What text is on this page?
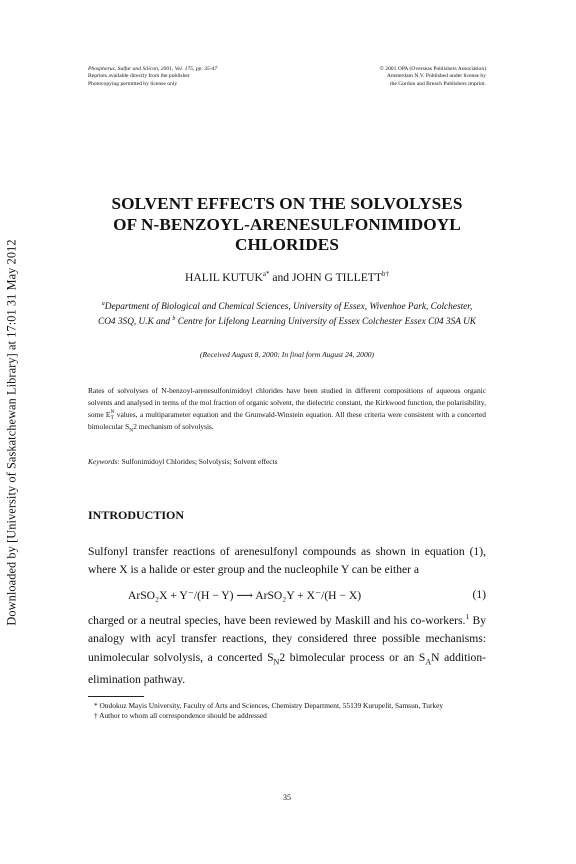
Downloaded by [University of Saskatchewan Library] at 17:01 31 May 2012
Phosphorus, Sulfur and Silicon, 2001, Vol. 175, pp. 35-47
Reprints available directly from the publisher
Photocopying permitted by license only
© 2001 OPA (Overseas Publishers Association)
Amsterdam N.V. Published under license by
the Gordon and Breach Publishers imprint.
SOLVENT EFFECTS ON THE SOLVOLYSES
OF N-BENZOYL-ARENESULFONIMIDOYL
CHLORIDES
HALIL $KUTUK^{a*}$ and JOHN G $TILLETT^{b\dagger}$
$^a$Department of Biological and Chemical Sciences, University of Essex, Wivenhoe Park, Colchester, CO4 3SQ, U.K and $^b$ Centre for Lifelong Learning University of Essex Colchester Essex C04 3SA UK
(Received August 8, 2000; In final form August 24, 2000)
Rates of solvolyses of N-benzoyl-arenesulfonimidoyl chlorides have been studied in different compositions of aqueous organic solvents and analysed in terms of the mol fraction of organic solvent, the dielectric constant, the Kirkwood function, the polarisibility, some E N
T values, a multiparameter equation and the Grunwald-Winstein equation. All these criteria were consistent with a concerted bimolecular $S_N2$ mechanism of solvolysis.
Keywords: Sulfonimidoyl Chlorides; Solvolysis; Solvent effects
INTRODUCTION
Sulfonyl transfer reactions of arenesulfonyl compounds as shown in equation (1), where X is a halide or ester group and the nucleophile Y can be either a
ArSO₂X + Y⁻/(H − Y) ⟶ ArSO₂Y + X⁻/(H − X)	(1)
charged or a neutral species, have been reviewed by Maskill and his co-workers.$^1$ By analogy with acyl transfer reactions, they considered three possible mechanisms: unimolecular solvolysis, a concerted $S_N2$ bimolecular process or an $S_AN$ addition-elimination pathway.
* Ondokuz Mayis University, Faculty of Arts and Sciences, Chemistry Department, 55139 Kurupelit, Samsun, Turkey
† Author to whom all correspondence should be addressed
35
